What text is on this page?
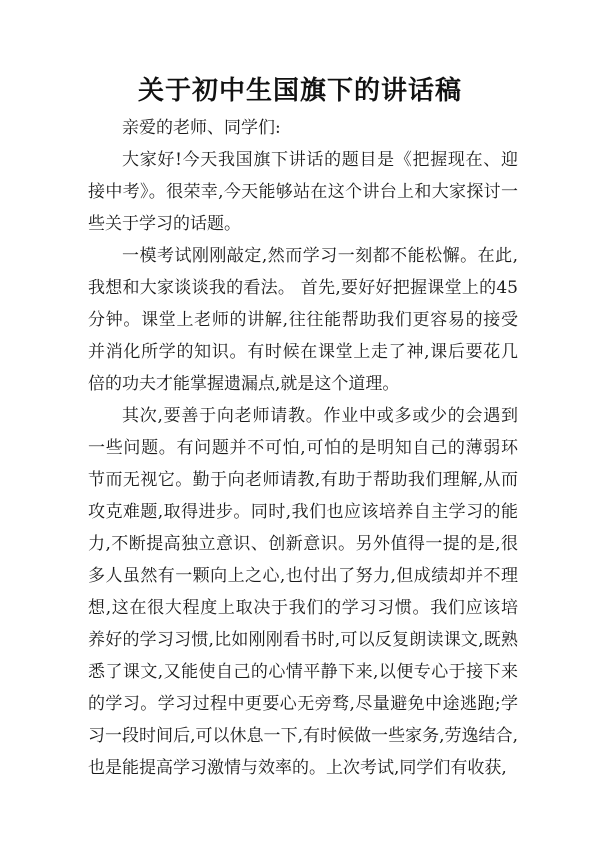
关于初中生国旗下的讲话稿

亲爱的老师、同学们:

大家好!今天我国旗下讲话的题目是《把握现在、迎接中考》。很荣幸,今天能够站在这个讲台上和大家探讨一些关于学习的话题。

一模考试刚刚敲定,然而学习一刻都不能松懈。在此,我想和大家谈谈我的看法。 首先,要好好把握课堂上的45分钟。课堂上老师的讲解,往往能帮助我们更容易的接受并消化所学的知识。有时候在课堂上走了神,课后要花几倍的功夫才能掌握遗漏点,就是这个道理。

其次,要善于向老师请教。作业中或多或少的会遇到一些问题。有问题并不可怕,可怕的是明知自己的薄弱环节而无视它。勤于向老师请教,有助于帮助我们理解,从而攻克难题,取得进步。同时,我们也应该培养自主学习的能力,不断提高独立意识、创新意识。另外值得一提的是,很多人虽然有一颗向上之心,也付出了努力,但成绩却并不理想,这在很大程度上取决于我们的学习习惯。我们应该培养好的学习习惯,比如刚刚看书时,可以反复朗读课文,既熟悉了课文,又能使自己的心情平静下来,以便专心于接下来的学习。学习过程中更要心无旁骛,尽量避免中途逃跑;学习一段时间后,可以休息一下,有时候做一些家务,劳逸结合,也是能提高学习激情与效率的。上次考试,同学们有收获,
